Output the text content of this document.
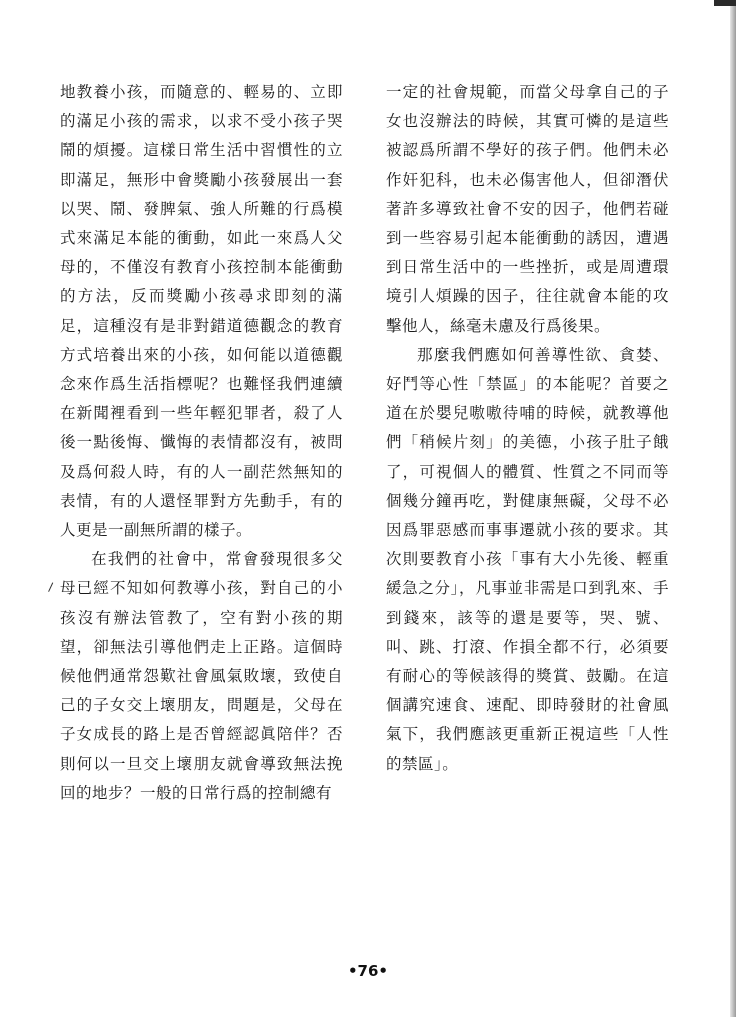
地教養小孩，而隨意的、輕易的、立即的滿足小孩的需求，以求不受小孩子哭鬧的煩擾。這樣日常生活中習慣性的立即滿足，無形中會獎勵小孩發展出一套以哭、鬧、發脾氣、強人所難的行爲模式來滿足本能的衝動，如此一來爲人父母的，不僅沒有教育小孩控制本能衝動的方法，反而獎勵小孩尋求即刻的滿足，這種沒有是非對錯道德觀念的教育方式培養出來的小孩，如何能以道德觀念來作爲生活指標呢？也難怪我們連續在新聞裡看到一些年輕犯罪者，殺了人後一點後悔、懺悔的表情都沒有，被問及爲何殺人時，有的人一副茫然無知的表情，有的人還怪罪對方先動手，有的人更是一副無所謂的樣子。

在我們的社會中，常會發現很多父母已經不知如何教導小孩，對自己的小孩沒有辦法管教了，空有對小孩的期望，卻無法引導他們走上正路。這個時候他們通常怨歎社會風氣敗壞，致使自己的子女交上壞朋友，問題是，父母在子女成長的路上是否曾經認眞陪伴？否則何以一旦交上壞朋友就會導致無法挽回的地步？一般的日常行爲的控制總有

一定的社會規範，而當父母拿自己的子女也沒辦法的時候，其實可憐的是這些被認爲所謂不學好的孩子們。他們未必作奸犯科，也未必傷害他人，但卻潛伏著許多導致社會不安的因子，他們若碰到一些容易引起本能衝動的誘因，遭遇到日常生活中的一些挫折，或是周遭環境引人煩躁的因子，往往就會本能的攻擊他人，絲毫未慮及行爲後果。

那麼我們應如何善導性欲、貪婪、好鬥等心性「禁區」的本能呢？首要之道在於嬰兒嗷嗷待哺的時候，就教導他們「稍候片刻」的美德，小孩子肚子餓了，可視個人的體質、性質之不同而等個幾分鐘再吃，對健康無礙，父母不必因爲罪惡感而事事遷就小孩的要求。其次則要教育小孩「事有大小先後、輕重緩急之分」，凡事並非需是口到乳來、手到錢來，該等的還是要等，哭、號、叫、跳、打滾、作損全都不行，必須要有耐心的等候該得的獎賞、鼓勵。在這個講究速食、速配、即時發財的社會風氣下，我們應該更重新正視這些「人性的禁區」。

•76•
